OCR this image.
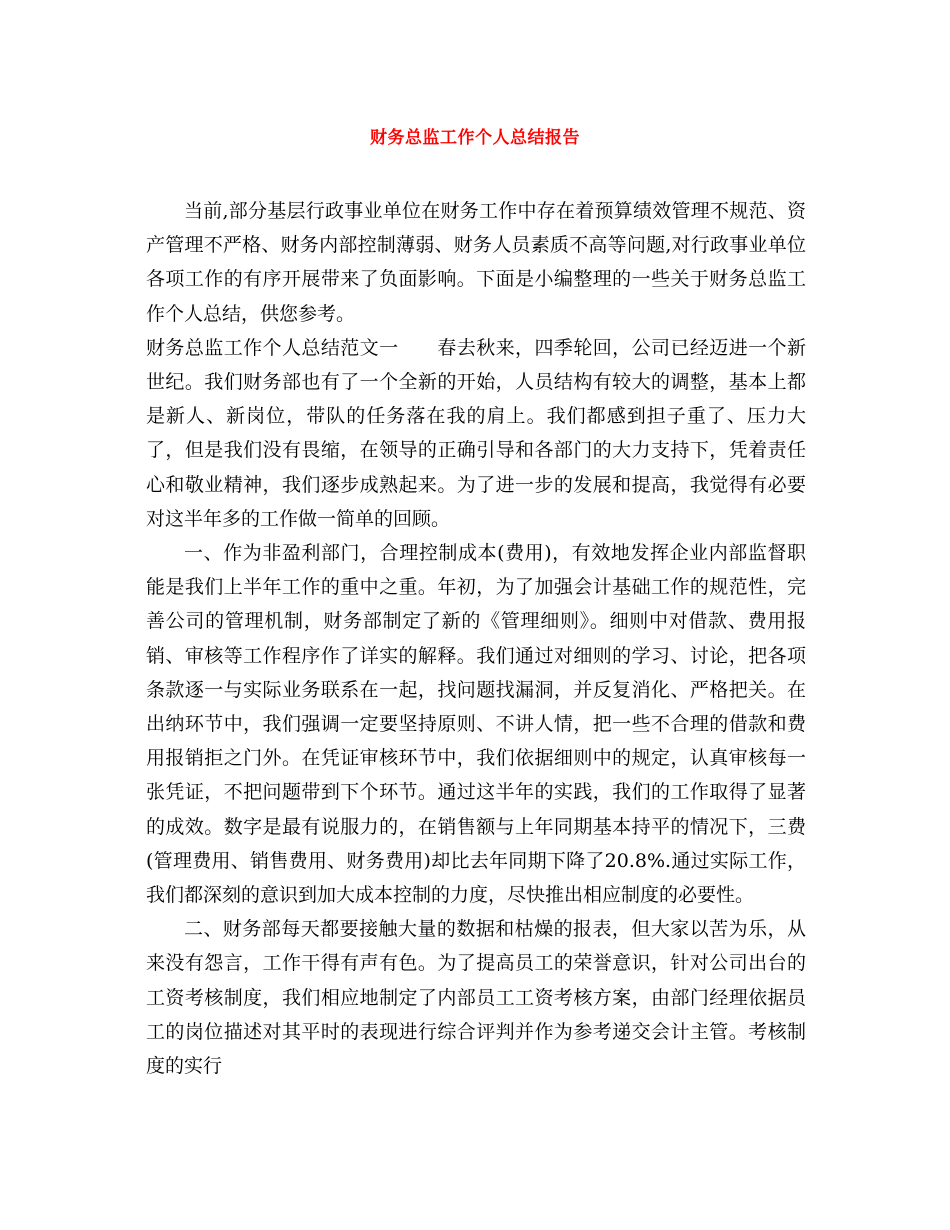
财务总监工作个人总结报告

当前,部分基层行政事业单位在财务工作中存在着预算绩效管理不规范、资产管理不严格、财务内部控制薄弱、财务人员素质不高等问题,对行政事业单位各项工作的有序开展带来了负面影响。下面是小编整理的一些关于财务总监工作个人总结，供您参考。

财务总监工作个人总结范文一　　春去秋来，四季轮回，公司已经迈进一个新世纪。我们财务部也有了一个全新的开始，人员结构有较大的调整，基本上都是新人、新岗位，带队的任务落在我的肩上。我们都感到担子重了、压力大了，但是我们没有畏缩，在领导的正确引导和各部门的大力支持下，凭着责任心和敬业精神，我们逐步成熟起来。为了进一步的发展和提高，我觉得有必要对这半年多的工作做一简单的回顾。

一、作为非盈利部门，合理控制成本(费用)，有效地发挥企业内部监督职能是我们上半年工作的重中之重。年初，为了加强会计基础工作的规范性，完善公司的管理机制，财务部制定了新的《管理细则》。细则中对借款、费用报销、审核等工作程序作了详实的解释。我们通过对细则的学习、讨论，把各项条款逐一与实际业务联系在一起，找问题找漏洞，并反复消化、严格把关。在出纳环节中，我们强调一定要坚持原则、不讲人情，把一些不合理的借款和费用报销拒之门外。在凭证审核环节中，我们依据细则中的规定，认真审核每一张凭证，不把问题带到下个环节。通过这半年的实践，我们的工作取得了显著的成效。数字是最有说服力的，在销售额与上年同期基本持平的情况下，三费(管理费用、销售费用、财务费用)却比去年同期下降了20.8%.通过实际工作，我们都深刻的意识到加大成本控制的力度，尽快推出相应制度的必要性。

二、财务部每天都要接触大量的数据和枯燥的报表，但大家以苦为乐，从来没有怨言，工作干得有声有色。为了提高员工的荣誉意识，针对公司出台的工资考核制度，我们相应地制定了内部员工工资考核方案，由部门经理依据员工的岗位描述对其平时的表现进行综合评判并作为参考递交会计主管。考核制度的实行
